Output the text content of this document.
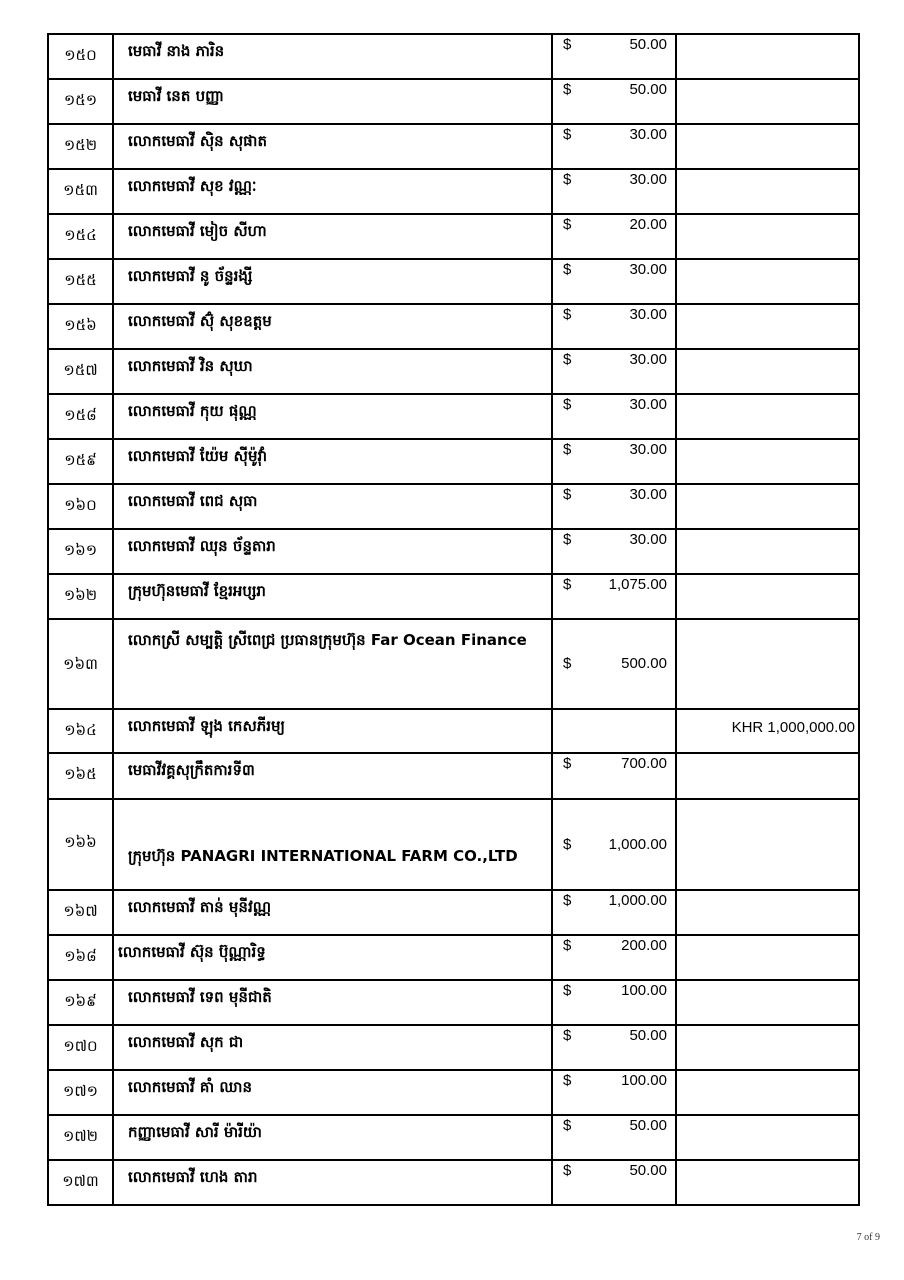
១៥០	មេធាវី នាង ភារិន	$ 50.00	

១៥១	មេធាវី នេត បញ្ញា	$ 50.00	

១៥២	លោកមេធាវី ស៊ិន សុផាត	$ 30.00	

១៥៣	លោកមេធាវី សុខ វណ្ណៈ	$ 30.00	

១៥៤	លោកមេធាវី មៀច សីហា	$ 20.00	

១៥៥	លោកមេធាវី នូ ច័ន្ទរង្សី	$ 30.00	

១៥៦	លោកមេធាវី ស៊ុំ សុខឧត្តម	$ 30.00	

១៥៧	លោកមេធាវី វិន សុឃា	$ 30.00	

១៥៨	លោកមេធាវី កុយ ផុណ្ណ	$ 30.00	

១៥៩	លោកមេធាវី យ៉ែម ស៊ីម៉ូវ៉ាំ	$ 30.00	

១៦០	លោកមេធាវី ពេជ សុធា	$ 30.00	

១៦១	លោកមេធាវី ឈុន ច័ន្ទតារា	$ 30.00	

១៦២	ក្រុមហ៊ុនមេធាវី ខ្មែរអប្សរា	$ 1,075.00	

១៦៣	លោកស្រី សម្បត្តិ ស្រីពេជ្រ ប្រធានក្រុមហ៊ុន Far Ocean Finance	$ 500.00	

១៦៤	លោកមេធាវី ឡុង កេសភីរម្យ		KHR 1,000,000.00
១៦៥	មេធាវីវគ្គសុក្រឹតការទី៣	$ 700.00	

១៦៦	ក្រុមហ៊ុន PANAGRI INTERNATIONAL FARM CO.,LTD	$ 1,000.00	

១៦៧	លោកមេធាវី តាន់ មុនីវណ្ណ	$ 1,000.00	

១៦៨	លោកមេធាវី ស៊ុន ប៊ុណ្ណារិទ្ធ	$ 200.00	

១៦៩	លោកមេធាវី ទេព មុនីជាតិ	$ 100.00	

១៧០	លោកមេធាវី សុក ជា	$ 50.00	

១៧១	លោកមេធាវី គាំ ឈាន	$ 100.00	

១៧២	កញ្ញាមេធាវី សារី ម៉ារីយ៉ា	$ 50.00	

១៧៣	លោកមេធាវី ហេង តារា	$ 50.00	

7 of 9
